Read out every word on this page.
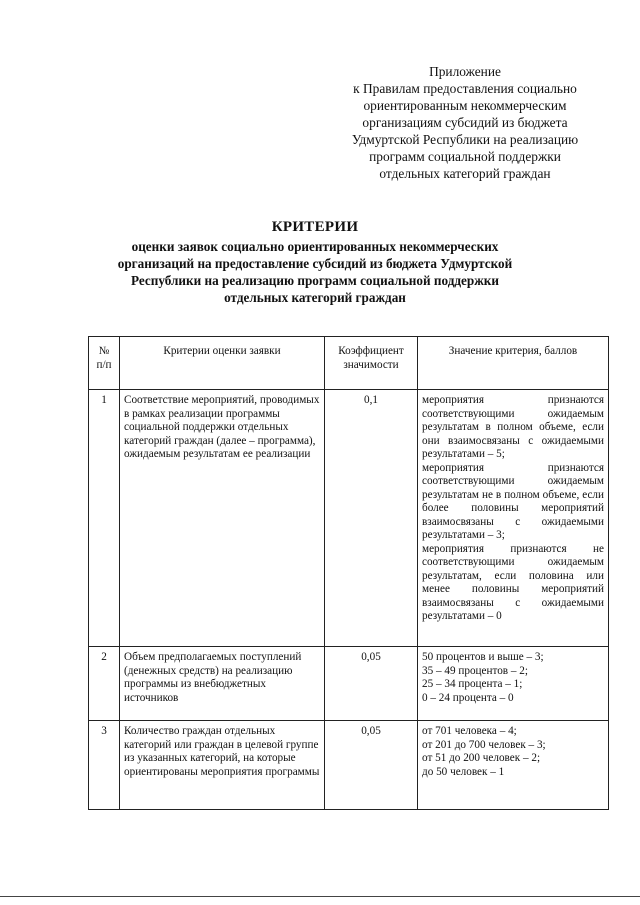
Приложение
к Правилам предоставления социально
ориентированным некоммерческим
организациям субсидий из бюджета
Удмуртской Республики на реализацию
программ социальной поддержки
отдельных категорий граждан
КРИТЕРИИ
оценки заявок социально ориентированных некоммерческих
организаций на предоставление субсидий из бюджета Удмуртской
Республики на реализацию программ социальной поддержки
отдельных категорий граждан
№ п/п	Критерии оценки заявки	Коэффициент значимости	Значение критерия, баллов
1	Соответствие мероприятий, проводимых в рамках реализации программы социальной поддержки отдельных категорий граждан (далее – программа), ожидаемым результатам ее реализации	0,1	мероприятия признаются соответствующими ожидаемым результатам в полном объеме, если они взаимосвязаны с ожидаемыми результатами – 5;
мероприятия признаются соответствующими ожидаемым результатам не в полном объеме, если более половины мероприятий взаимосвязаны с ожидаемыми результатами – 3;
мероприятия признаются не соответствующими ожидаемым результатам, если половина или менее половины мероприятий взаимосвязаны с ожидаемыми результатами – 0

2	Объем предполагаемых поступлений (денежных средств) на реализацию программы из внебюджетных источников	0,05	50 процентов и выше – 3;
35 – 49 процентов – 2;
25 – 34 процента – 1;
0 – 24 процента – 0

3	Количество граждан отдельных категорий или граждан в целевой группе из указанных категорий, на которые ориентированы мероприятия программы	0,05	от 701 человека – 4;
от 201 до 700 человек – 3;
от 51 до 200 человек – 2;
до 50 человек – 1
